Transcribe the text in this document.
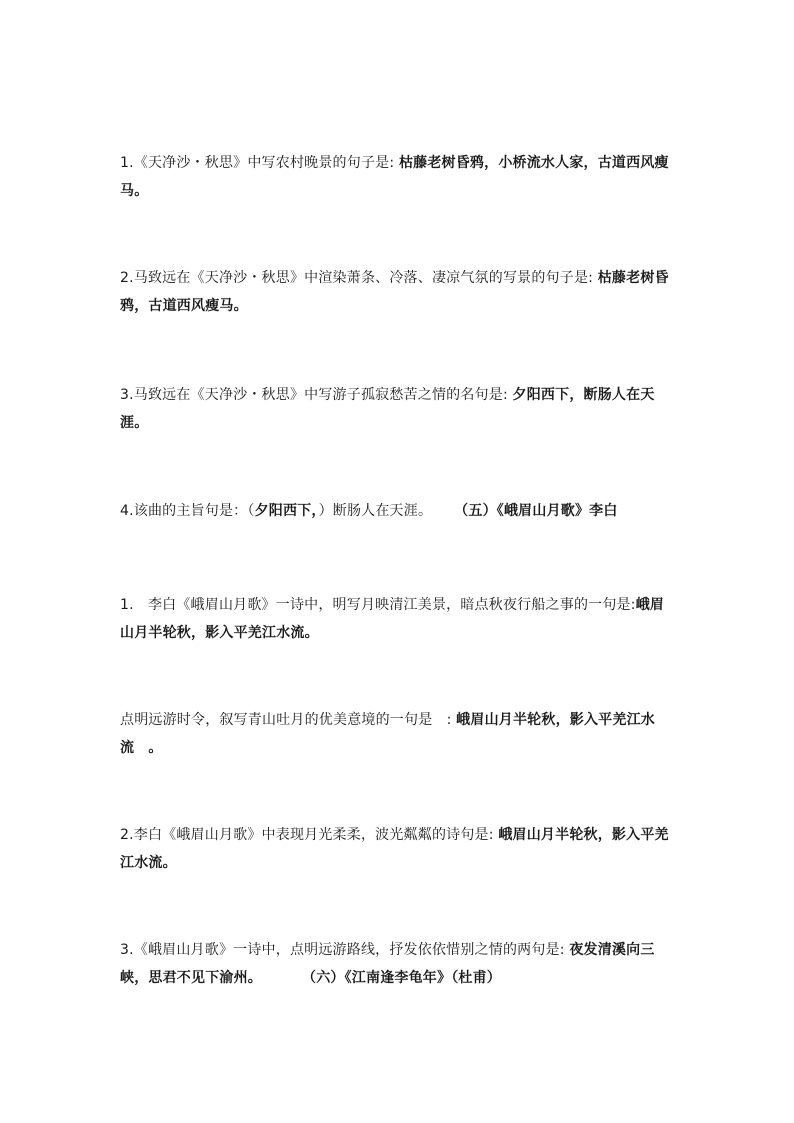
1.《天净沙・秋思》中写农村晚景的句子是: 枯藤老树昏鸦，小桥流水人家，古道西风瘦马。

2.马致远在《天净沙・秋思》中渲染萧条、冷落、凄凉气氛的写景的句子是: 枯藤老树昏鸦，古道西风瘦马。

3.马致远在《天净沙・秋思》中写游子孤寂愁苦之情的名句是: 夕阳西下，断肠人在天涯。

4.该曲的主旨句是：（夕阳西下，）断肠人在天涯。 （五）《峨眉山月歌》李白

1.　李白《峨眉山月歌》一诗中，明写月映清江美景，暗点秋夜行船之事的一句是:峨眉山月半轮秋，影入平羌江水流。

点明远游时令，叙写青山吐月的优美意境的一句是　: 峨眉山月半轮秋，影入平羌江水流　。

2.李白《峨眉山月歌》中表现月光柔柔，波光粼粼的诗句是: 峨眉山月半轮秋，影入平羌江水流。

3.《峨眉山月歌》一诗中，点明远游路线，抒发依依惜别之情的两句是: 夜发清溪向三峡，思君不见下渝州。	（六）《江南逢李龟年》（杜甫）
